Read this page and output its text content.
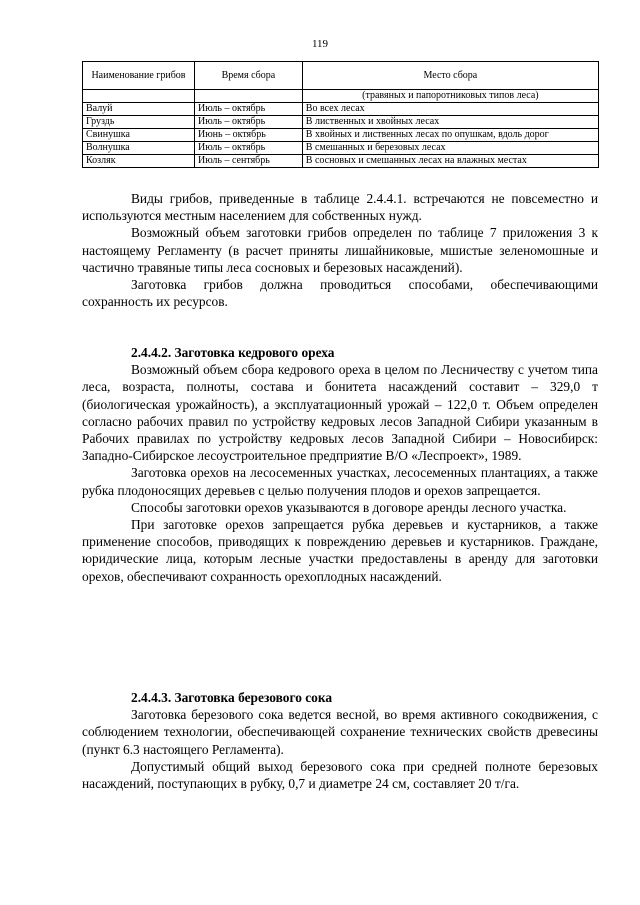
119
Наименование грибов	Время сбора	Место сбора
		(травяных и папоротниковых типов леса)
Валуй	Июль – октябрь	Во всех лесах
Груздь	Июль – октябрь	В лиственных и хвойных лесах
Свинушка	Июнь – октябрь	В хвойных и лиственных лесах по опушкам, вдоль дорог
Волнушка	Июль – октябрь	В смешанных и березовых лесах
Козляк	Июль – сентябрь	В сосновых и смешанных лесах на влажных местах

Виды грибов, приведенные в таблице 2.4.4.1. встречаются не повсеместно и используются местным населением для собственных нужд.

Возможный объем заготовки грибов определен по таблице 7 приложения 3 к настоящему Регламенту (в расчет приняты лишайниковые, мшистые зеленомошные и частично травяные типы леса сосновых и березовых насаждений).

Заготовка грибов должна проводиться способами, обеспечивающими сохранность их ресурсов.

2.4.4.2. Заготовка кедрового ореха

Возможный объем сбора кедрового ореха в целом по Лесничеству с учетом типа леса, возраста, полноты, состава и бонитета насаждений составит – 329,0 т (биологическая урожайность), а эксплуатационный урожай – 122,0 т. Объем определен согласно рабочих правил по устройству кедровых лесов Западной Сибири указанным в Рабочих правилах по устройству кедровых лесов Западной Сибири – Новосибирск: Западно-Сибирское лесоустроительное предприятие В/О «Леспроект», 1989.

Заготовка орехов на лесосеменных участках, лесосеменных плантациях, а также рубка плодоносящих деревьев с целью получения плодов и орехов запрещается.

Способы заготовки орехов указываются в договоре аренды лесного участка.

При заготовке орехов запрещается рубка деревьев и кустарников, а также применение способов, приводящих к повреждению деревьев и кустарников. Граждане, юридические лица, которым лесные участки предоставлены в аренду для заготовки орехов, обеспечивают сохранность орехоплодных насаждений.

2.4.4.3. Заготовка березового сока

Заготовка березового сока ведется весной, во время активного сокодвижения, с соблюдением технологии, обеспечивающей сохранение технических свойств древесины (пункт 6.3 настоящего Регламента).

Допустимый общий выход березового сока при средней полноте березовых насаждений, поступающих в рубку, 0,7 и диаметре 24 см, составляет 20 т/га.
